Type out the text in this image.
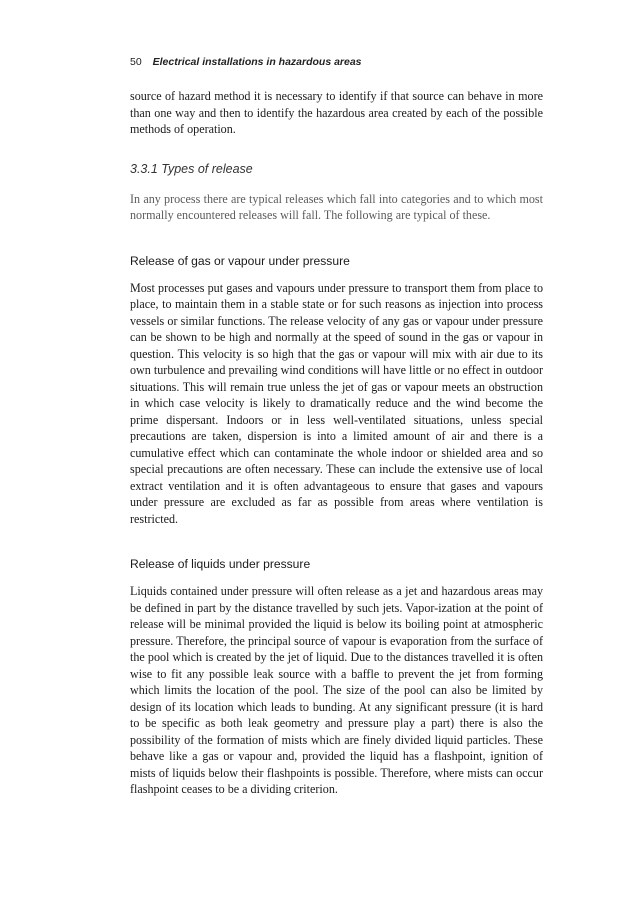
50 Electrical installations in hazardous areas

source of hazard method it is necessary to identify if that source can behave in more than one way and then to identify the hazardous area created by each of the possible methods of operation.

3.3.1 Types of release

In any process there are typical releases which fall into categories and to which most normally encountered releases will fall. The following are typical of these.

Release of gas or vapour under pressure

Most processes put gases and vapours under pressure to transport them from place to place, to maintain them in a stable state or for such reasons as injection into process vessels or similar functions. The release velocity of any gas or vapour under pressure can be shown to be high and normally at the speed of sound in the gas or vapour in question. This velocity is so high that the gas or vapour will mix with air due to its own turbulence and prevailing wind conditions will have little or no effect in outdoor situations. This will remain true unless the jet of gas or vapour meets an obstruction in which case velocity is likely to dramatically reduce and the wind become the prime dispersant. Indoors or in less well-ventilated situations, unless special precautions are taken, dispersion is into a limited amount of air and there is a cumulative effect which can contaminate the whole indoor or shielded area and so special precautions are often necessary. These can include the extensive use of local extract ventilation and it is often advantageous to ensure that gases and vapours under pressure are excluded as far as possible from areas where ventilation is restricted.

Release of liquids under pressure

Liquids contained under pressure will often release as a jet and hazardous areas may be defined in part by the distance travelled by such jets. Vapor-ization at the point of release will be minimal provided the liquid is below its boiling point at atmospheric pressure. Therefore, the principal source of vapour is evaporation from the surface of the pool which is created by the jet of liquid. Due to the distances travelled it is often wise to fit any possible leak source with a baffle to prevent the jet from forming which limits the location of the pool. The size of the pool can also be limited by design of its location which leads to bunding. At any significant pressure (it is hard to be specific as both leak geometry and pressure play a part) there is also the possibility of the formation of mists which are finely divided liquid particles. These behave like a gas or vapour and, provided the liquid has a flashpoint, ignition of mists of liquids below their flashpoints is possible. Therefore, where mists can occur flashpoint ceases to be a dividing criterion.
